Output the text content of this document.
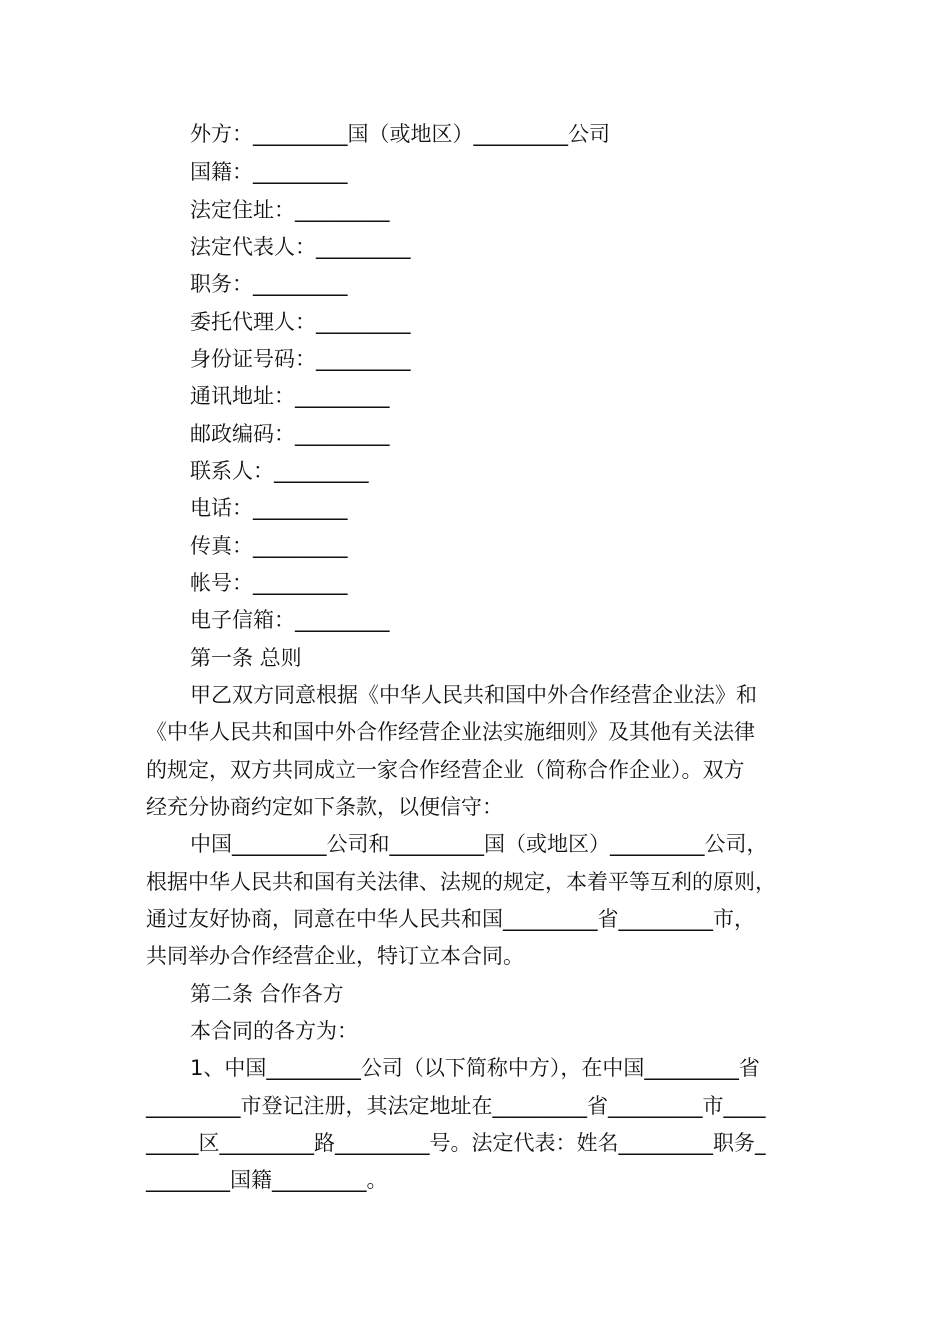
外方：_________国（或地区）_________公司
国籍：_________
法定住址：_________
法定代表人：_________
职务：_________
委托代理人：_________
身份证号码：_________
通讯地址：_________
邮政编码：_________
联系人：_________
电话：_________
传真：_________
帐号：_________
电子信箱：_________
第一条 总则
甲乙双方同意根据《中华人民共和国中外合作经营企业法》和
《中华人民共和国中外合作经营企业法实施细则》及其他有关法律
的规定，双方共同成立一家合作经营企业（简称合作企业）。双方
经充分协商约定如下条款，以便信守：
中国_________公司和_________国（或地区）_________公司，
根据中华人民共和国有关法律、法规的规定，本着平等互利的原则，
通过友好协商，同意在中华人民共和国_________省_________市，
共同举办合作经营企业，特订立本合同。
第二条 合作各方
本合同的各方为：
1、中国_________公司（以下简称中方），在中国_________省
_________市登记注册，其法定地址在_________省_________市____
_____区_________路_________号。法定代表：姓名_________职务_
________国籍_________。
